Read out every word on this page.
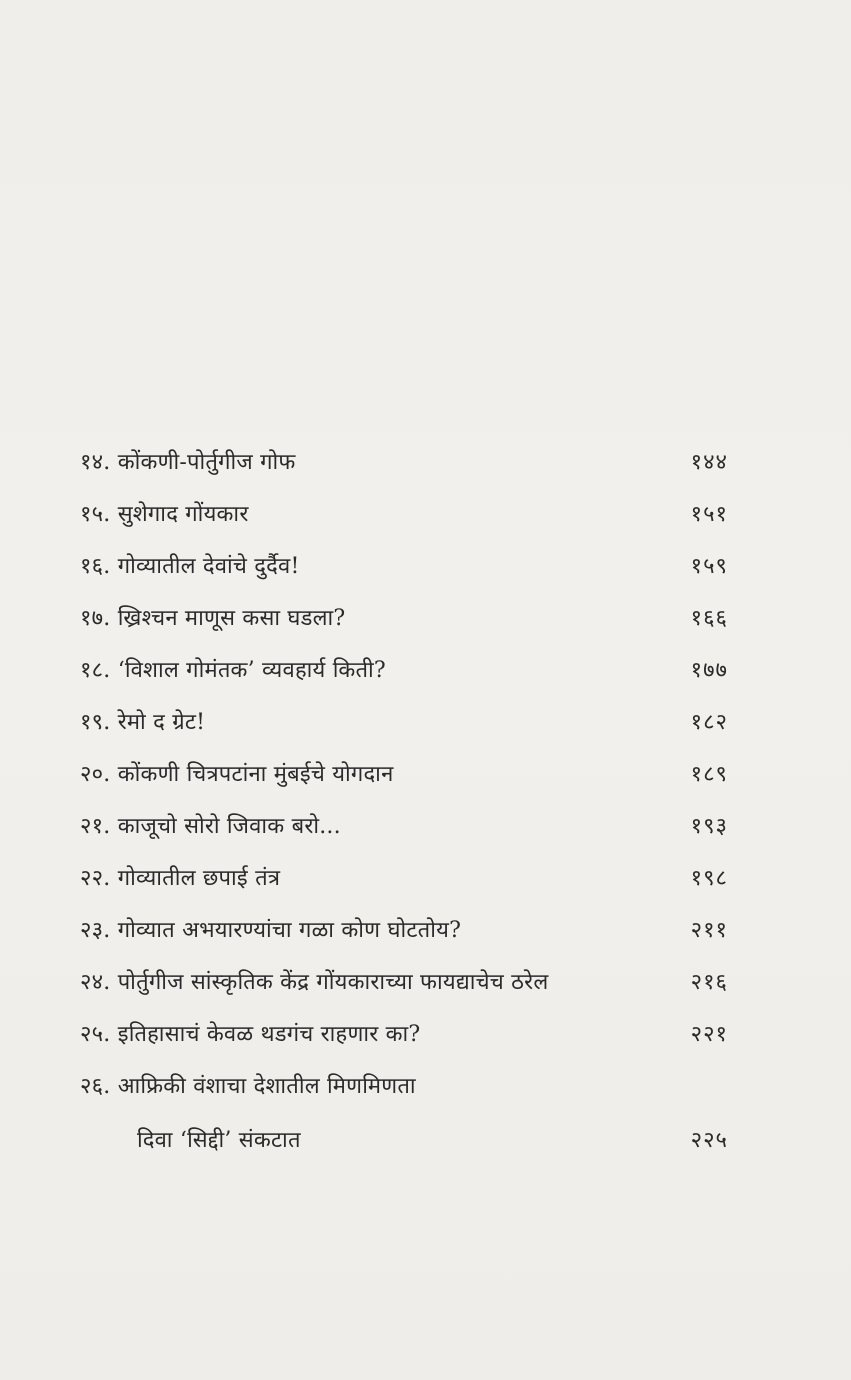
१४. कोंकणी-पोर्तुगीज गोफ	१४४
१५. सुशेगाद गोंयकार	१५१
१६. गोव्यातील देवांचे दुर्दैव!	१५९
१७. ख्रिश्चन माणूस कसा घडला?	१६६
१८. ‘विशाल गोमंतक’ व्यवहार्य किती?	१७७
१९. रेमो द ग्रेट!	१८२
२०. कोंकणी चित्रपटांना मुंबईचे योगदान	१८९
२१. काजूचो सोरो जिवाक बरो...	१९३
२२. गोव्यातील छपाई तंत्र	१९८
२३. गोव्यात अभयारण्यांचा गळा कोण घोटतोय?	२११
२४. पोर्तुगीज सांस्कृतिक केंद्र गोंयकाराच्या फायद्याचेच ठरेल	२१६
२५. इतिहासाचं केवळ थडगंच राहणार का?	२२१
२६. आफ्रिकी वंशाचा देशातील मिणमिणता
दिवा ‘सिद्दी’ संकटात	२२५
